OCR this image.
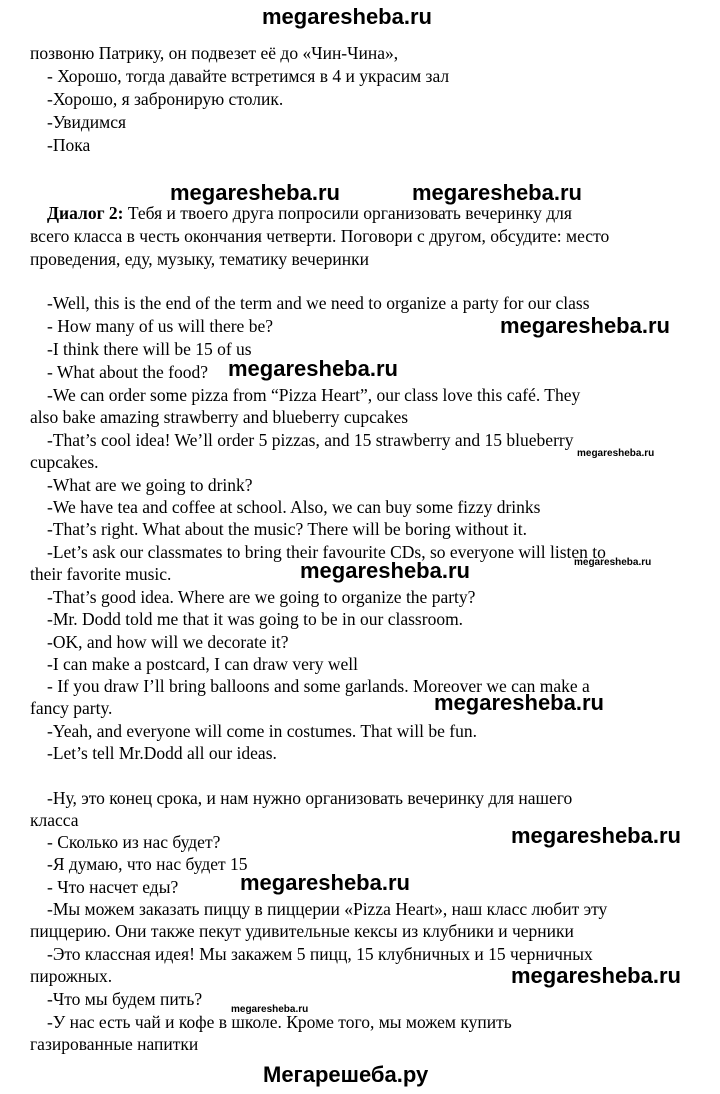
megaresheba.ru
позвоню Патрику, он подвезет её до «Чин-Чина»,
- Хорошо, тогда давайте встретимся в 4 и украсим зал
-Хорошо, я забронирую столик.
-Увидимся
-Пока
megaresheba.ru	megaresheba.ru
Диалог 2: Тебя и твоего друга попросили организовать вечеринку для
всего класса в честь окончания четверти. Поговори с другом, обсудите: место
проведения, еду, музыку, тематику вечеринки
-Well, this is the end of the term and we need to organize a party for our class
- How many of us will there be?
-I think there will be 15 of us
- What about the food?
-We can order some pizza from “Pizza Heart”, our class love this café. They
also bake amazing strawberry and blueberry cupcakes
-That’s cool idea! We’ll order 5 pizzas, and 15 strawberry and 15 blueberry
cupcakes.
-What are we going to drink?
-We have tea and coffee at school. Also, we can buy some fizzy drinks
-That’s right. What about the music? There will be boring without it.
-Let’s ask our classmates to bring their favourite CDs, so everyone will listen to
their favorite music.
-That’s good idea. Where are we going to organize the party?
-Mr. Dodd told me that it was going to be in our classroom.
-OK, and how will we decorate it?
-I can make a postcard, I can draw very well
- If you draw I’ll bring balloons and some garlands. Moreover we can make a
fancy party.
-Yeah, and everyone will come in costumes. That will be fun.
-Let’s tell Mr.Dodd all our ideas.
megaresheba.ru
megaresheba.ru
megaresheba.ru
megaresheba.ru
megaresheba.ru
megaresheba.ru
-Ну, это конец срока, и нам нужно организовать вечеринку для нашего
класса
- Сколько из нас будет?
-Я думаю, что нас будет 15
- Что насчет еды?
-Мы можем заказать пиццу в пиццерии «Pizza Heart», наш класс любит эту
пиццерию. Они также пекут удивительные кексы из клубники и черники
-Это классная идея! Мы закажем 5 пицц, 15 клубничных и 15 черничных
пирожных.
-Что мы будем пить?
-У нас есть чай и кофе в школе. Кроме того, мы можем купить
газированные напитки
megaresheba.ru
megaresheba.ru
megaresheba.ru
megaresheba.ru
Мегарешеба.ру
